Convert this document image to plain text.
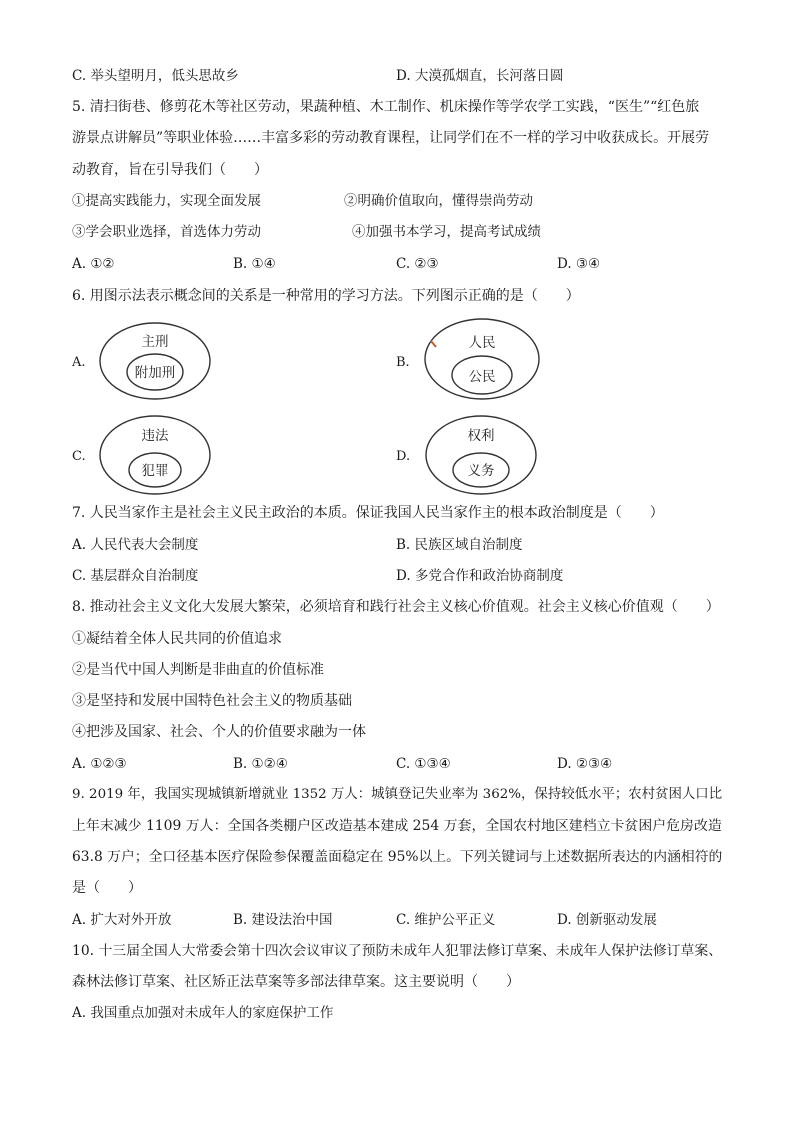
C. 举头望明月，低头思故乡	D. 大漠孤烟直，长河落日圆
5. 清扫街巷、修剪花木等社区劳动，果蔬种植、木工制作、机床操作等学农学工实践，“医生”“红色旅
游景点讲解员”等职业体验……丰富多彩的劳动教育课程，让同学们在不一样的学习中收获成长。开展劳
动教育，旨在引导我们（　　）
①提高实践能力，实现全面发展	②明确价值取向，懂得崇尚劳动
③学会职业选择，首选体力劳动	④加强书本学习，提高考试成绩
A. ①②	B. ①④	C. ②③	D. ③④
6. 用图示法表示概念间的关系是一种常用的学习方法。下列图示正确的是（　　）
A.
主刑
附加刑
B.
人民
公民
C.
违法
犯罪
D.
权利
义务
7. 人民当家作主是社会主义民主政治的本质。保证我国人民当家作主的根本政治制度是（　　）
A. 人民代表大会制度	B. 民族区域自治制度
C. 基层群众自治制度	D. 多党合作和政治协商制度
8. 推动社会主义文化大发展大繁荣，必须培育和践行社会主义核心价值观。社会主义核心价值观（　　）
①凝结着全体人民共同的价值追求
②是当代中国人判断是非曲直的价值标准
③是坚持和发展中国特色社会主义的物质基础
④把涉及国家、社会、个人的价值要求融为一体
A. ①②③	B. ①②④	C. ①③④	D. ②③④
9. 2019 年，我国实现城镇新增就业 1352 万人：城镇登记失业率为 362%，保持较低水平；农村贫困人口比
上年末减少 1109 万人：全国各类棚户区改造基本建成 254 万套，全国农村地区建档立卡贫困户危房改造
63.8 万户；全口径基本医疗保险参保覆盖面稳定在 95%以上。下列关键词与上述数据所表达的内涵相符的
是（　　）
A. 扩大对外开放	B. 建设法治中国	C. 维护公平正义	D. 创新驱动发展
10. 十三届全国人大常委会第十四次会议审议了预防未成年人犯罪法修订草案、未成年人保护法修订草案、
森林法修订草案、社区矫正法草案等多部法律草案。这主要说明（　　）
A. 我国重点加强对未成年人的家庭保护工作
